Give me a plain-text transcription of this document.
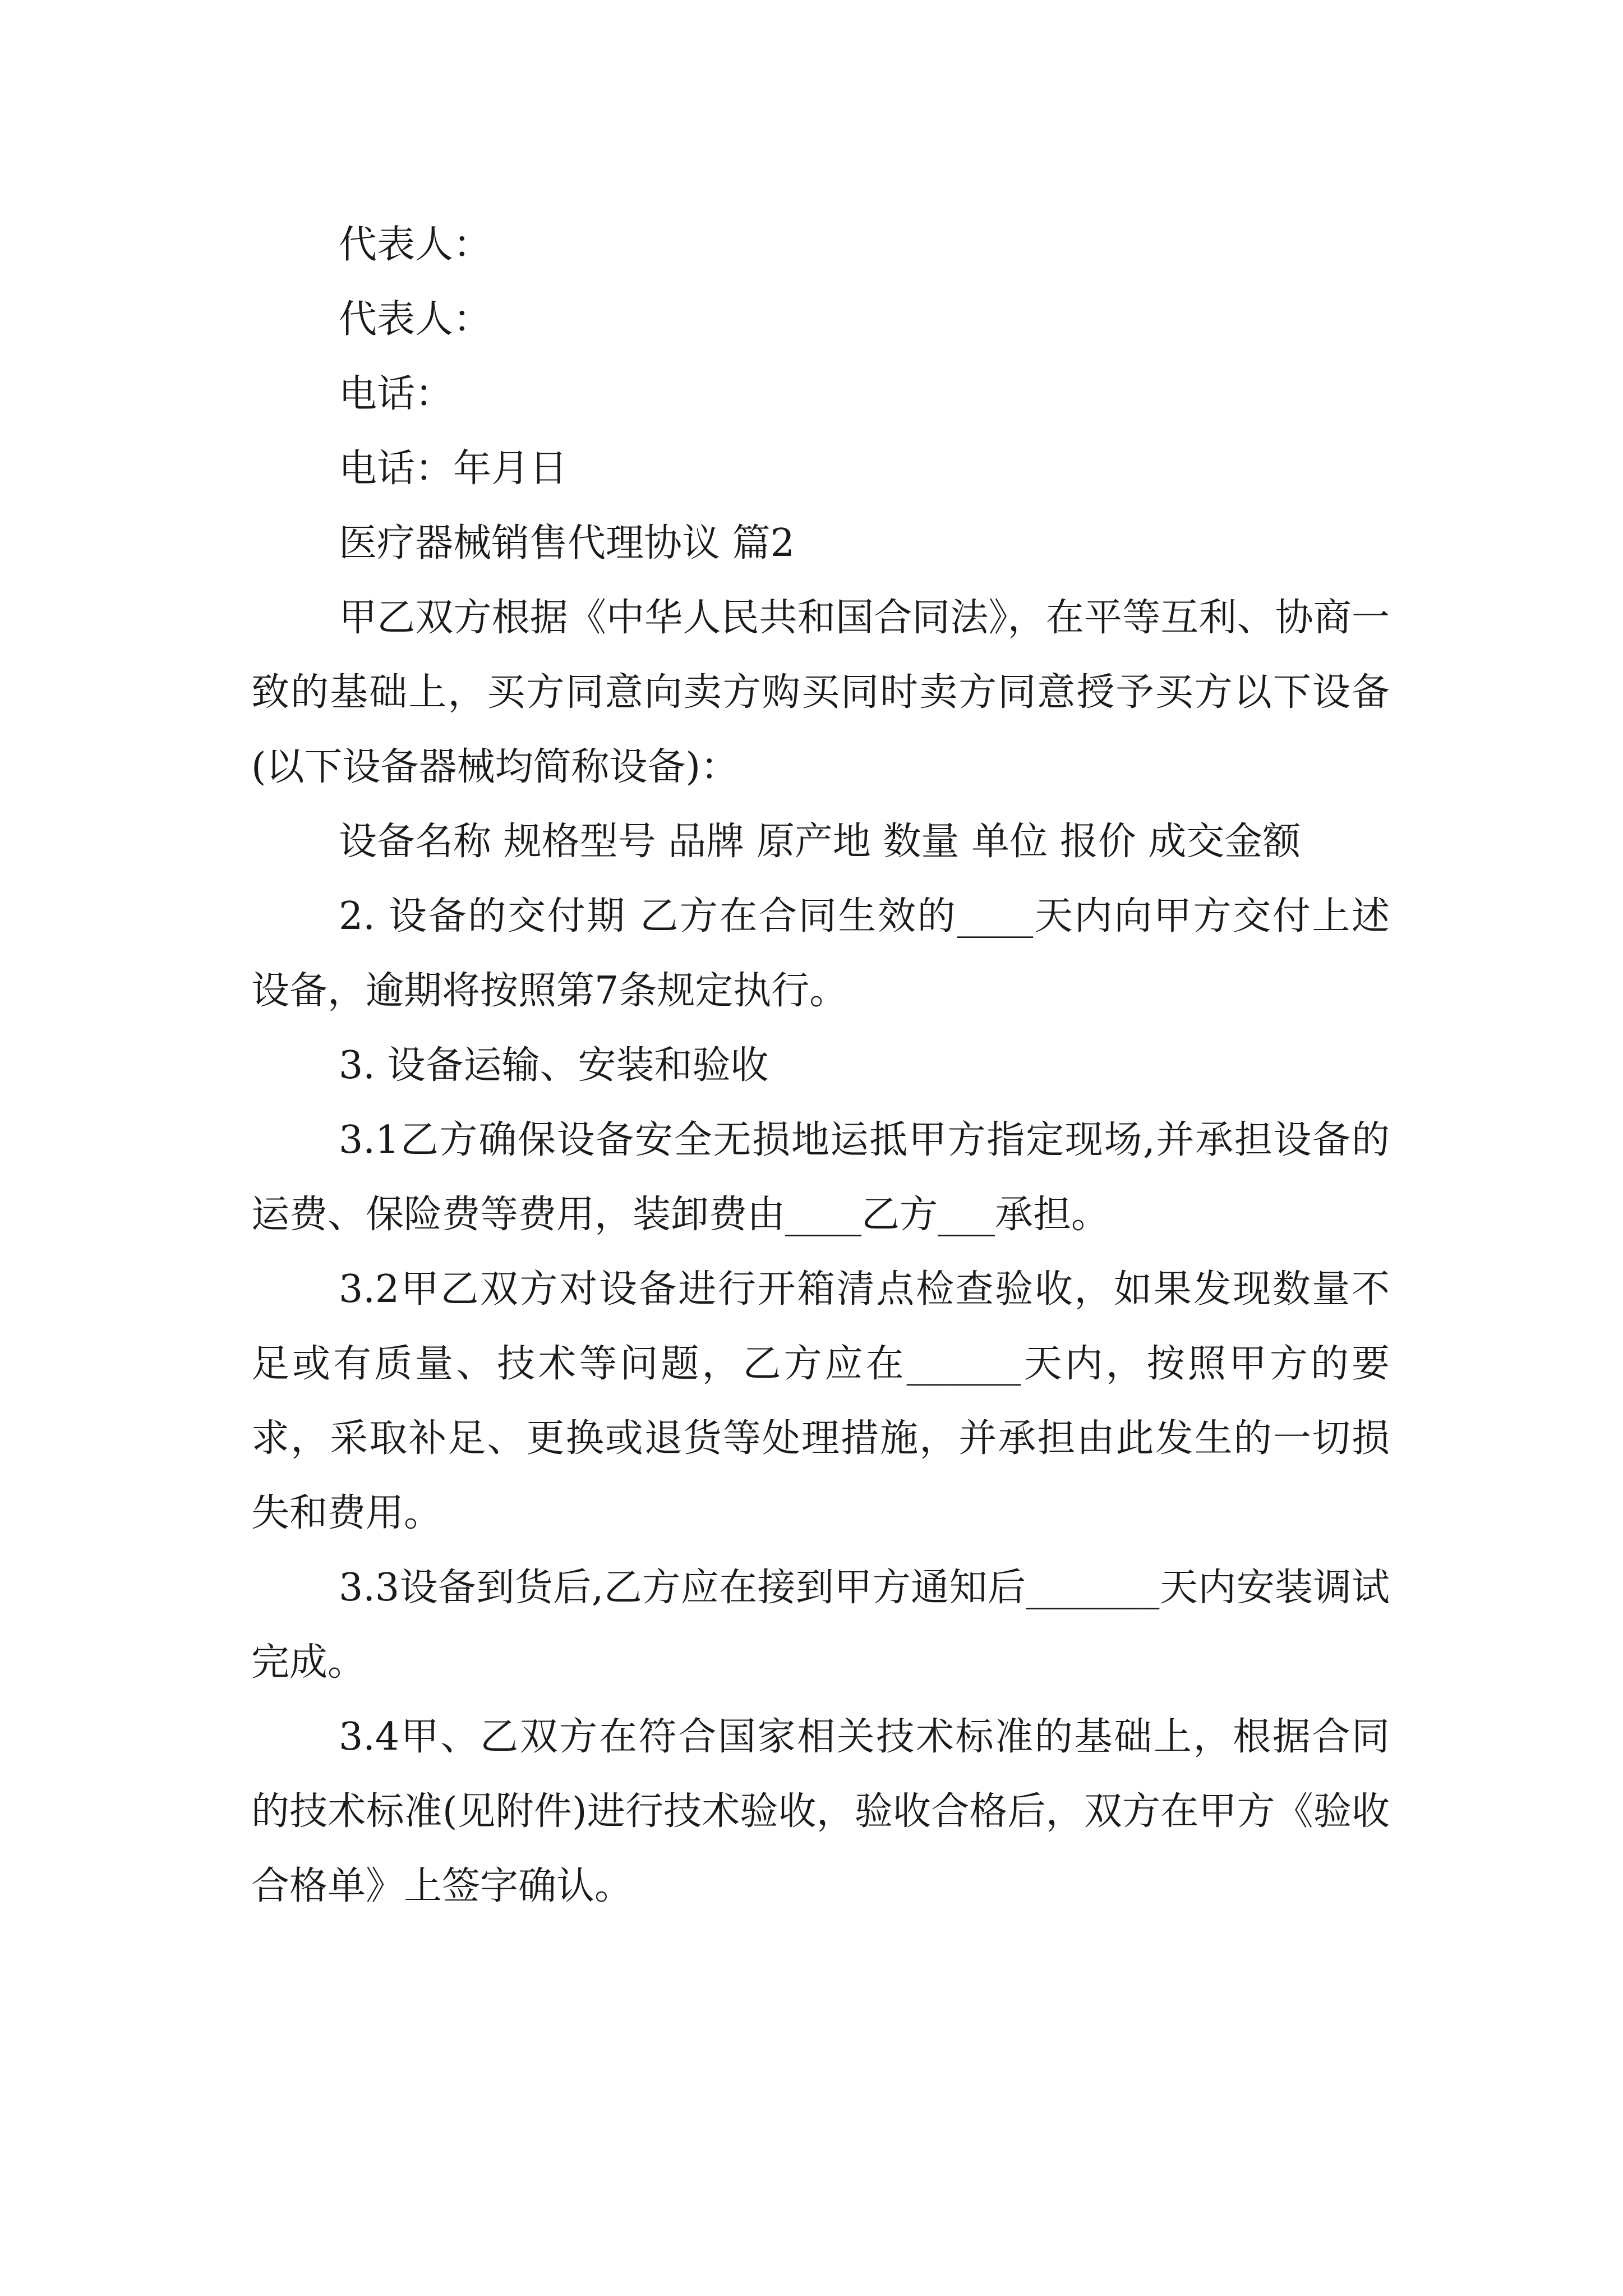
代表人：

代表人：

电话：

电话：年月日

医疗器械销售代理协议 篇2

甲乙双方根据《中华人民共和国合同法》，在平等互利、协商一致的基础上，买方同意向卖方购买同时卖方同意授予买方以下设备(以下设备器械均简称设备)：

设备名称 规格型号 品牌 原产地 数量 单位 报价 成交金额

2. 设备的交付期 乙方在合同生效的____天内向甲方交付上述设备，逾期将按照第7条规定执行。

3. 设备运输、安装和验收

3.1乙方确保设备安全无损地运抵甲方指定现场,并承担设备的运费、保险费等费用，装卸费由____乙方___承担。

3.2甲乙双方对设备进行开箱清点检查验收，如果发现数量不足或有质量、技术等问题，乙方应在______天内，按照甲方的要求，采取补足、更换或退货等处理措施，并承担由此发生的一切损失和费用。

3.3设备到货后,乙方应在接到甲方通知后_______天内安装调试完成。

3.4甲、乙双方在符合国家相关技术标准的基础上，根据合同的技术标准(见附件)进行技术验收，验收合格后，双方在甲方《验收合格单》上签字确认。
